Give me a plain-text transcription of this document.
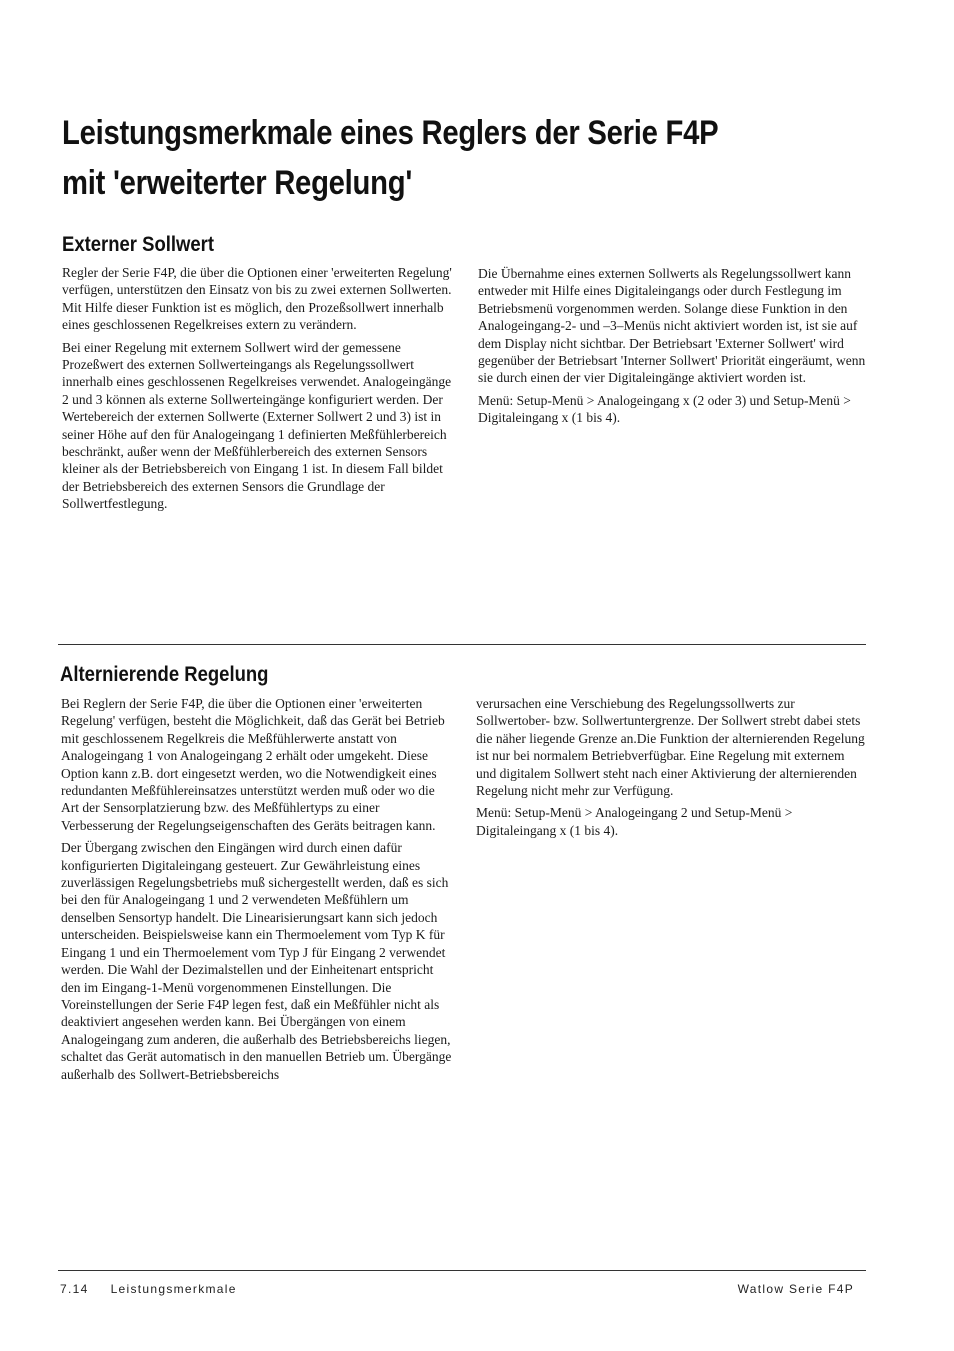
Leistungsmerkmale eines Reglers der Serie F4P
mit 'erweiterter Regelung'
Externer Sollwert

Regler der Serie F4P, die über die Optionen einer 'erweiterten Regelung' verfügen, unterstützen den Einsatz von bis zu zwei externen Sollwerten. Mit Hilfe dieser Funktion ist es möglich, den Prozeßsollwert innerhalb eines geschlossenen Regelkreises extern zu verändern.

Bei einer Regelung mit externem Sollwert wird der gemessene Prozeßwert des externen Sollwerteingangs als Regelungssollwert innerhalb eines geschlossenen Regelkreises verwendet. Analogeingänge 2 und 3 können als externe Sollwerteingänge konfiguriert werden. Der Wertebereich der externen Sollwerte (Externer Sollwert 2 und 3) ist in seiner Höhe auf den für Analogeingang 1 definierten Meßfühlerbereich beschränkt, außer wenn der Meßfühlerbereich des externen Sensors kleiner als der Betriebsbereich von Eingang 1 ist. In diesem Fall bildet der Betriebsbereich des externen Sensors die Grundlage der Sollwertfestlegung.

Die Übernahme eines externen Sollwerts als Regelungssollwert kann entweder mit Hilfe eines Digitaleingangs oder durch Festlegung im Betriebsmenü vorgenommen werden. Solange diese Funktion in den Analogeingang-2- und –3–Menüs nicht aktiviert worden ist, ist sie auf dem Display nicht sichtbar. Der Betriebsart 'Externer Sollwert' wird gegenüber der Betriebsart 'Interner Sollwert' Priorität eingeräumt, wenn sie durch einen der vier Digitaleingänge aktiviert worden ist.

Menü: Setup-Menü > Analogeingang x (2 oder 3) und Setup-Menü > Digitaleingang x (1 bis 4).

Alternierende Regelung

Bei Reglern der Serie F4P, die über die Optionen einer 'erweiterten Regelung' verfügen, besteht die Möglichkeit, daß das Gerät bei Betrieb mit geschlossenem Regelkreis die Meßfühlerwerte anstatt von Analogeingang 1 von Analogeingang 2 erhält oder umgekeht. Diese Option kann z.B. dort eingesetzt werden, wo die Notwendigkeit eines redundanten Meßfühlereinsatzes unterstützt werden muß oder wo die Art der Sensorplatzierung bzw. des Meßfühlertyps zu einer Verbesserung der Regelungseigenschaften des Geräts beitragen kann.

Der Übergang zwischen den Eingängen wird durch einen dafür konfigurierten Digitaleingang gesteuert. Zur Gewährleistung eines zuverlässigen Regelungsbetriebs muß sichergestellt werden, daß es sich bei den für Analogeingang 1 und 2 verwendeten Meßfühlern um denselben Sensortyp handelt. Die Linearisierungsart kann sich jedoch unterscheiden. Beispielsweise kann ein Thermoelement vom Typ K für Eingang 1 und ein Thermoelement vom Typ J für Eingang 2 verwendet werden. Die Wahl der Dezimalstellen und der Einheitenart entspricht den im Eingang-1-Menü vorgenommenen Einstellungen. Die Voreinstellungen der Serie F4P legen fest, daß ein Meßfühler nicht als deaktiviert angesehen werden kann. Bei Übergängen von einem Analogeingang zum anderen, die außerhalb des Betriebsbereichs liegen, schaltet das Gerät automatisch in den manuellen Betrieb um. Übergänge außerhalb des Sollwert-Betriebsbereichs

verursachen eine Verschiebung des Regelungssollwerts zur Sollwertober- bzw. Sollwertuntergrenze. Der Sollwert strebt dabei stets die näher liegende Grenze an.Die Funktion der alternierenden Regelung ist nur bei normalem Betriebverfügbar. Eine Regelung mit externem und digitalem Sollwert steht nach einer Aktivierung der alternierenden Regelung nicht mehr zur Verfügung.

Menü: Setup-Menü > Analogeingang 2 und Setup-Menü > Digitaleingang x (1 bis 4).

7.14 Leistungsmerkmale	Watlow Serie F4P
